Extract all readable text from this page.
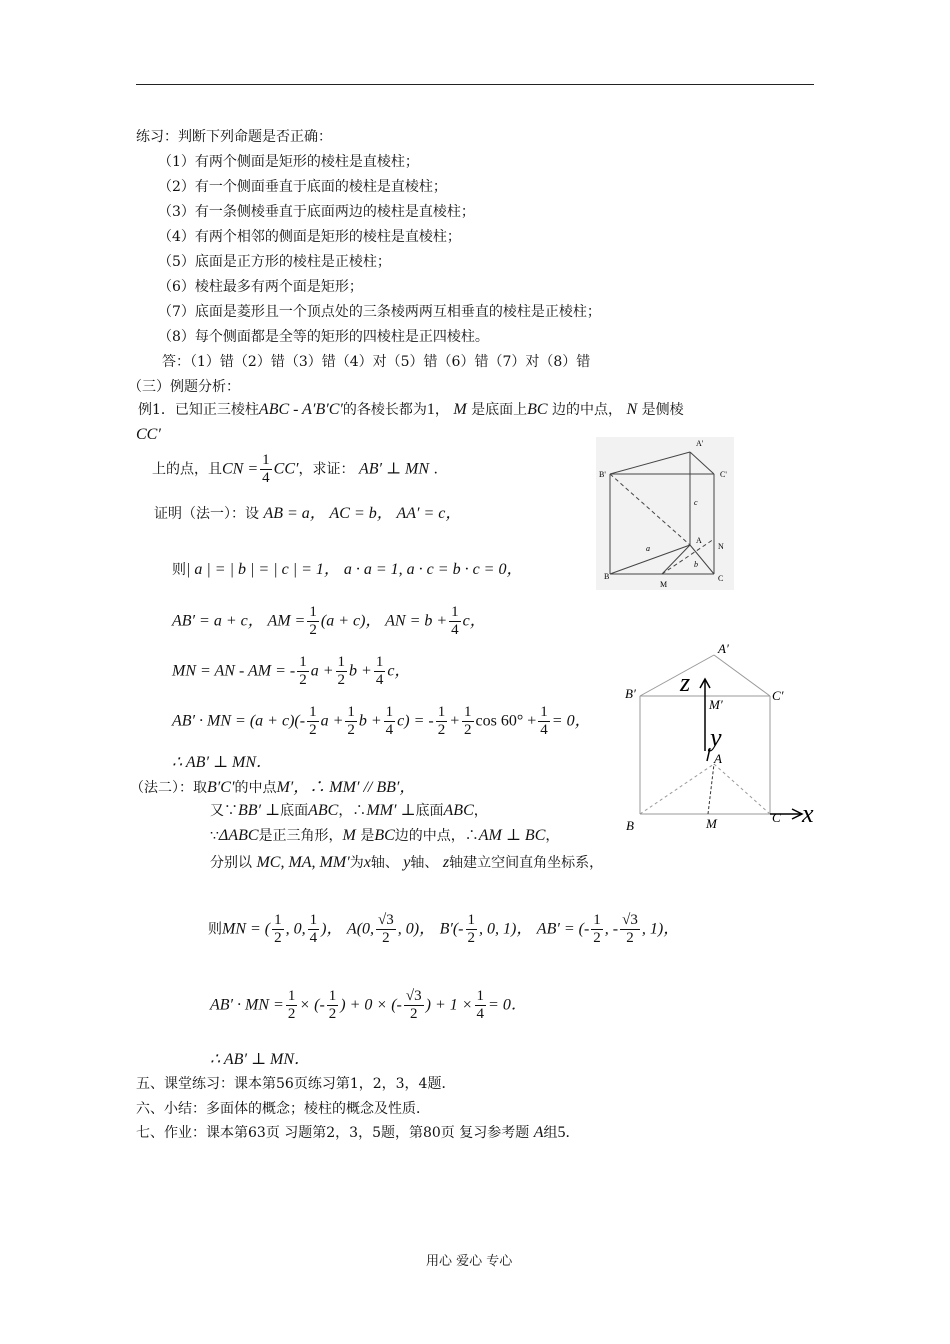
练习：判断下列命题是否正确：
（1）有两个侧面是矩形的棱柱是直棱柱；
（2）有一个侧面垂直于底面的棱柱是直棱柱；
（3）有一条侧棱垂直于底面两边的棱柱是直棱柱；
（4）有两个相邻的侧面是矩形的棱柱是直棱柱；
（5）底面是正方形的棱柱是正棱柱；
（6）棱柱最多有两个面是矩形；
（7）底面是菱形且一个顶点处的三条棱两两互相垂直的棱柱是正棱柱；
（8）每个侧面都是全等的矩形的四棱柱是正四棱柱。
答：（1）错（2）错（3）错（4）对（5）错（6）错（7）对（8）错
（三）例题分析：
例1．已知正三棱柱ABC - A′B′C′的各棱长都为1， M 是底面上BC 边的中点， N 是侧棱
CC′
上的点，且CN = $\frac{1}{4} CC'$，求证： AB′ ⊥ MN .
A'
B'	C'
A
N
B	C
M
a
b
c
证明（法一）：设 AB = a， AC = b， AA′ = c，
则| a | = | b | = | c | = 1， a · a = 1, a · c = b · c = 0，
AB′ = a + c， AM = $\frac{1}{2} (a + c)$， AN = $b + \frac{1}{4}$ c，
MN = AN - AM = - $\frac{1}{2}$ $a + \frac{1}{2}$ $b + \frac{1}{4}$ c，
AB′ · MN = $(a + c)(- \frac{1}{2}$ $a + \frac{1}{2}$ $b + \frac{1}{4} c$) = - $\frac{1}{2} + \frac{1}{2}$ $\cos 60^\circ + \frac{1}{4} = 0$，
∴ AB′ ⊥ MN．
A′
B′	C′
M′
z
y
A
B
C
M	x
（法二）：取B′C′的中点M′，∴ MM′ // BB′，
又∵BB′ ⊥底面ABC，∴MM′ ⊥底面ABC，
∵ΔABC是正三角形，M 是BC边的中点，∴AM ⊥ BC，
分别以 MC, MA, MM′为x轴、 y轴、 z轴建立空间直角坐标系，
则MN = ( $\frac{1}{2}$ , 0, $\frac{1}{4}$ )， A(0, $\frac{√3}{2}$ , 0)， $B'(- \frac{1}{2}$ , 0, 1)， AB′ = (- $\frac{1}{2}$ , - $\frac{√3}{2}$ , 1)，
AB′ · MN = $\frac{1}{2}$ × (- $\frac{1}{2}$ ) + 0 × (- $\frac{√3}{2}$ ) + $1 \times \frac{1}{4} = 0$．
∴ AB′ ⊥ MN．
五、课堂练习：课本第56页练习第1，2，3，4题．
六、小结：多面体的概念；棱柱的概念及性质．
七、作业：课本第63页 习题第2，3，5题，第80页 复习参考题 A组5．
用心 爱心 专心
